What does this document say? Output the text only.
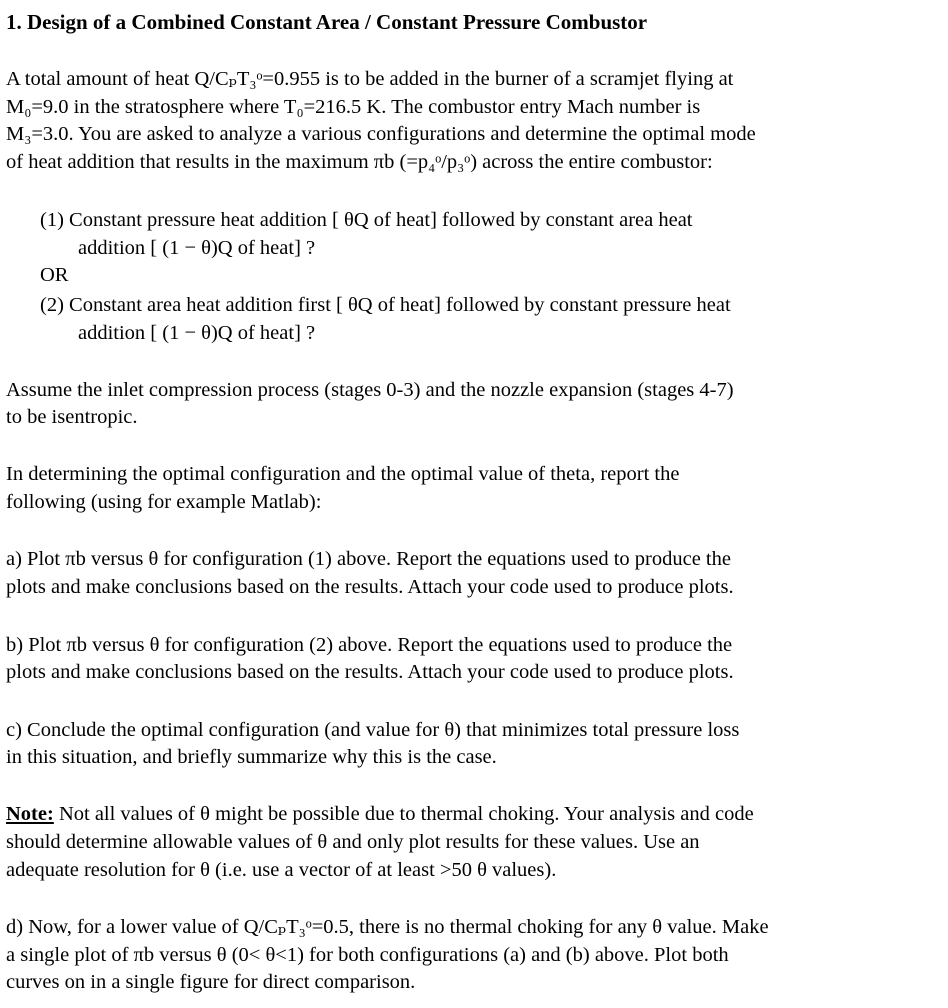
1. Design of a Combined Constant Area / Constant Pressure Combustor
A total amount of heat Q/CₚT₃ᵒ=0.955 is to be added in the burner of a scramjet flying at
M₀=9.0 in the stratosphere where T₀=216.5 K. The combustor entry Mach number is
M₃=3.0. You are asked to analyze a various configurations and determine the optimal mode
of heat addition that results in the maximum πb (=p₄ᵒ/p₃ᵒ) across the entire combustor:
(1) Constant pressure heat addition [ θQ of heat] followed by constant area heat
addition [ (1 − θ)Q of heat] ?
OR
(2) Constant area heat addition first [ θQ of heat] followed by constant pressure heat
addition [ (1 − θ)Q of heat] ?
Assume the inlet compression process (stages 0-3) and the nozzle expansion (stages 4-7)
to be isentropic.
In determining the optimal configuration and the optimal value of theta, report the
following (using for example Matlab):
a) Plot πb versus θ for configuration (1) above. Report the equations used to produce the
plots and make conclusions based on the results. Attach your code used to produce plots.
b) Plot πb versus θ for configuration (2) above. Report the equations used to produce the
plots and make conclusions based on the results. Attach your code used to produce plots.
c) Conclude the optimal configuration (and value for θ) that minimizes total pressure loss
in this situation, and briefly summarize why this is the case.
Note: Not all values of θ might be possible due to thermal choking. Your analysis and code
should determine allowable values of θ and only plot results for these values. Use an
adequate resolution for θ (i.e. use a vector of at least >50 θ values).
d) Now, for a lower value of Q/CₚT₃ᵒ=0.5, there is no thermal choking for any θ value. Make
a single plot of πb versus θ (0< θ<1) for both configurations (a) and (b) above. Plot both
curves on in a single figure for direct comparison.
